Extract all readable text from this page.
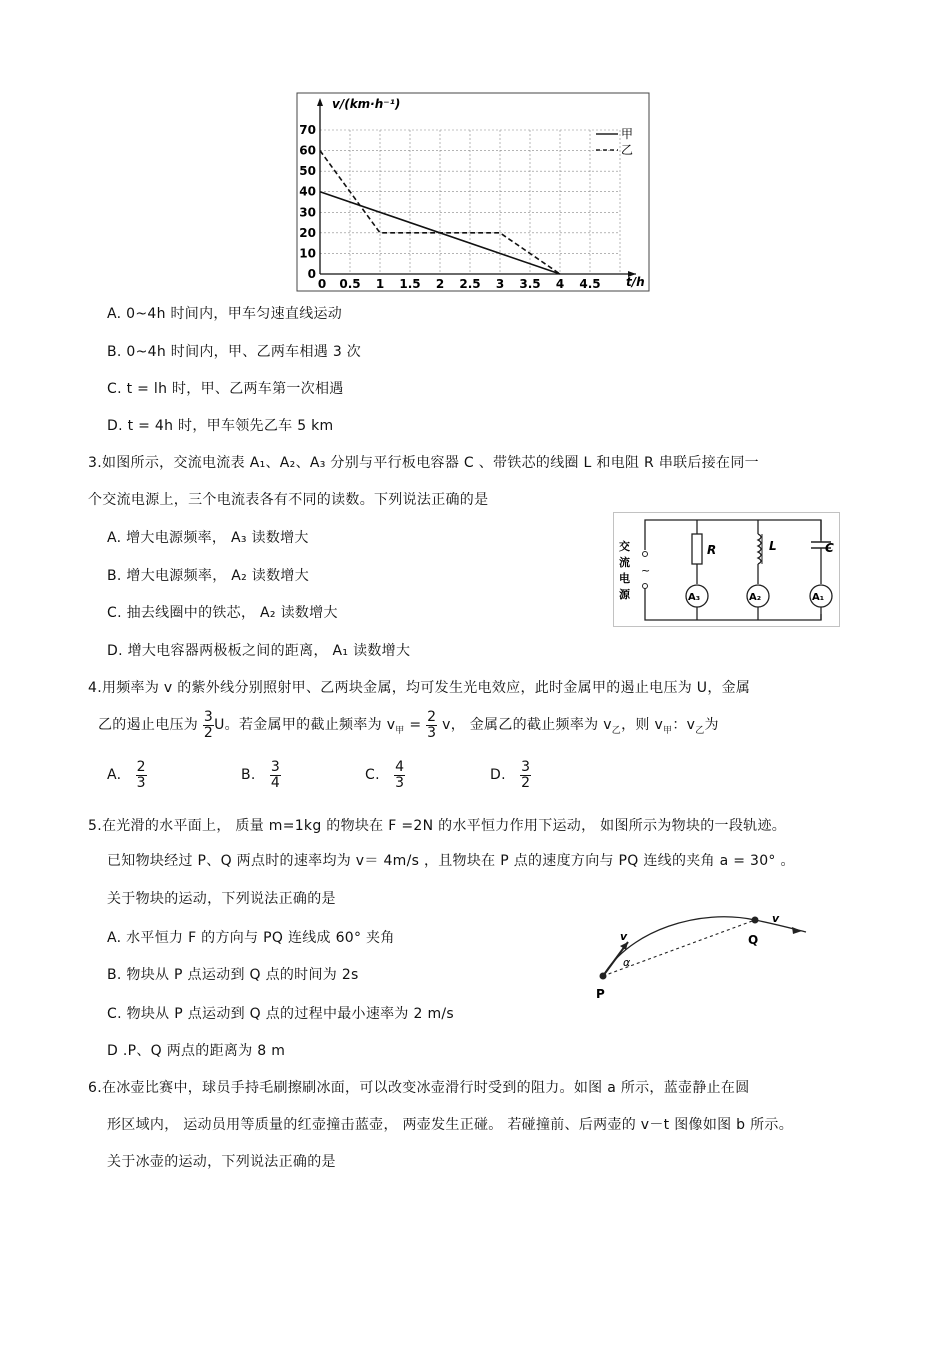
0
10
20
30
40
50
60
70
0 0.5 1 1.5 2 2.5 3 3.5 4 4.5
v/(km·h⁻¹)
t/h
甲
乙
A. 0~4h 时间内，甲车匀速直线运动
B. 0~4h 时间内，甲、乙两车相遇 3 次
C. t = lh 时，甲、乙两车第一次相遇
D. t = 4h 时，甲车领先乙车 5 km
3.如图所示，交流电流表 A₁、A₂、A₃ 分别与平行板电容器 C 、带铁芯的线圈 L 和电阻 R 串联后接在同一
个交流电源上，三个电流表各有不同的读数。下列说法正确的是
A. 增大电源频率， A₃ 读数增大
B. 增大电源频率， A₂ 读数增大
C. 抽去线圈中的铁芯， A₂ 读数增大
D. 增大电容器两极板之间的距离， A₁ 读数增大
交
流
电
源
~
R
A₃
L
A₂
C
A₁
4.用频率为 v 的紫外线分别照射甲、乙两块金属，均可发生光电效应，此时金属甲的遏止电压为 U，金属
乙的遏止电压为 $\frac{3}{2}$ U。若金属甲的截止频率为 $v_甲 = \frac{2}{3}$ v， 金属乙的截止频率为 $v_乙$，则 $v_甲$：$v_乙$为
A. $\frac{2}{3}$	B. $\frac{3}{4}$	C. $\frac{4}{3}$	D. $\frac{3}{2}$
5.在光滑的水平面上， 质量 m=1kg 的物块在 F =2N 的水平恒力作用下运动， 如图所示为物块的一段轨迹。
已知物块经过 P、Q 两点时的速率均为 v＝ 4m/s ，且物块在 P 点的速度方向与 PQ 连线的夹角 a = 30° 。
关于物块的运动，下列说法正确的是
A. 水平恒力 F 的方向与 PQ 连线成 60° 夹角
B. 物块从 P 点运动到 Q 点的时间为 2s
C. 物块从 P 点运动到 Q 点的过程中最小速率为 2 m/s
D .P、Q 两点的距离为 8 m
P
Q
v
v
α
6.在冰壶比赛中，球员手持毛刷擦刷冰面，可以改变冰壶滑行时受到的阻力。如图 a 所示，蓝壶静止在圆
形区域内， 运动员用等质量的红壶撞击蓝壶， 两壶发生正碰。 若碰撞前、后两壶的 v－t 图像如图 b 所示。
关于冰壶的运动，下列说法正确的是
